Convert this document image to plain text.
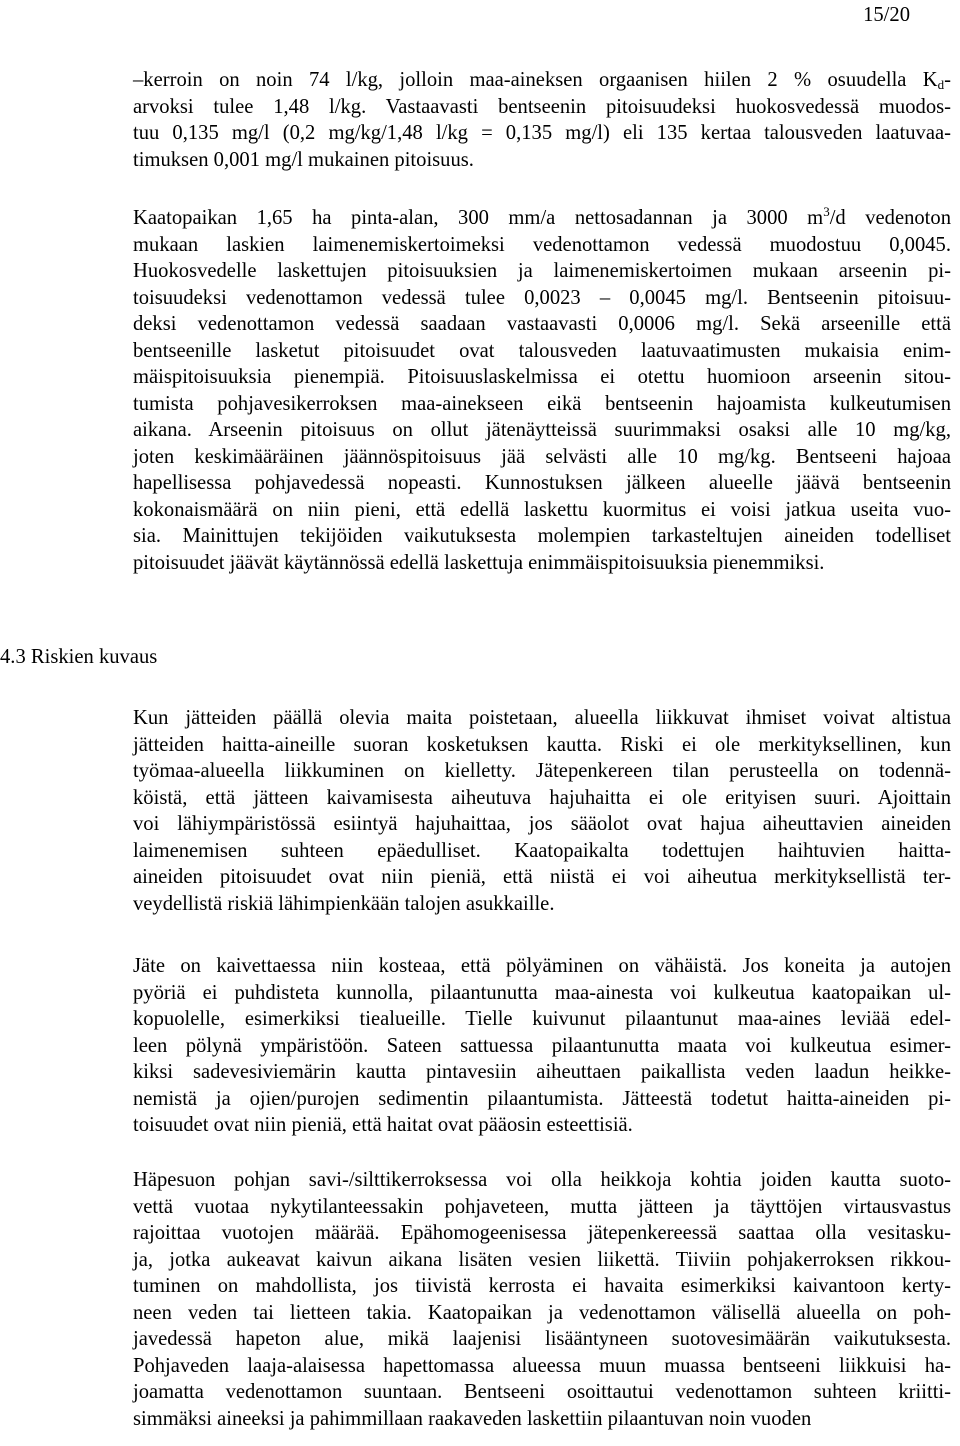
15/20
–kerroin on noin 74 l/kg, jolloin maa-aineksen orgaanisen hiilen 2 % osuudella $K_d-$
arvoksi tulee 1,48 l/kg. Vastaavasti bentseenin pitoisuudeksi huokosvedessä muodos-
tuu 0,135 mg/l (0,2 mg/kg/1,48 l/kg = 0,135 mg/l) eli 135 kertaa talousveden laatuvaa-
timuksen 0,001 mg/l mukainen pitoisuus.
Kaatopaikan 1,65 ha pinta-alan, 300 mm/a nettosadannan ja 3000 $m^3/d$ vedenoton
mukaan laskien laimenemiskertoimeksi vedenottamon vedessä muodostuu 0,0045.
Huokosvedelle laskettujen pitoisuuksien ja laimenemiskertoimen mukaan arseenin pi-
toisuudeksi vedenottamon vedessä tulee 0,0023 – 0,0045 mg/l. Bentseenin pitoisuu-
deksi vedenottamon vedessä saadaan vastaavasti 0,0006 mg/l. Sekä arseenille että
bentseenille lasketut pitoisuudet ovat talousveden laatuvaatimusten mukaisia enim-
mäispitoisuuksia pienempiä. Pitoisuuslaskelmissa ei otettu huomioon arseenin sitou-
tumista pohjavesikerroksen maa-ainekseen eikä bentseenin hajoamista kulkeutumisen
aikana. Arseenin pitoisuus on ollut jätenäytteissä suurimmaksi osaksi alle 10 mg/kg,
joten keskimääräinen jäännöspitoisuus jää selvästi alle 10 mg/kg. Bentseeni hajoaa
hapellisessa pohjavedessä nopeasti. Kunnostuksen jälkeen alueelle jäävä bentseenin
kokonaismäärä on niin pieni, että edellä laskettu kuormitus ei voisi jatkua useita vuo-
sia. Mainittujen tekijöiden vaikutuksesta molempien tarkasteltujen aineiden todelliset
pitoisuudet jäävät käytännössä edellä laskettuja enimmäispitoisuuksia pienemmiksi.
4.3 Riskien kuvaus
Kun jätteiden päällä olevia maita poistetaan, alueella liikkuvat ihmiset voivat altistua
jätteiden haitta-aineille suoran kosketuksen kautta. Riski ei ole merkityksellinen, kun
työmaa-alueella liikkuminen on kielletty. Jätepenkereen tilan perusteella on todennä-
köistä, että jätteen kaivamisesta aiheutuva hajuhaitta ei ole erityisen suuri. Ajoittain
voi lähiympäristössä esiintyä hajuhaittaa, jos sääolot ovat hajua aiheuttavien aineiden
laimenemisen suhteen epäedulliset. Kaatopaikalta todettujen haihtuvien haitta-
aineiden pitoisuudet ovat niin pieniä, että niistä ei voi aiheutua merkityksellistä ter-
veydellistä riskiä lähimpienkään talojen asukkaille.
Jäte on kaivettaessa niin kosteaa, että pölyäminen on vähäistä. Jos koneita ja autojen
pyöriä ei puhdisteta kunnolla, pilaantunutta maa-ainesta voi kulkeutua kaatopaikan ul-
kopuolelle, esimerkiksi tiealueille. Tielle kuivunut pilaantunut maa-aines leviää edel-
leen pölynä ympäristöön. Sateen sattuessa pilaantunutta maata voi kulkeutua esimer-
kiksi sadevesiviemärin kautta pintavesiin aiheuttaen paikallista veden laadun heikke-
nemistä ja ojien/purojen sedimentin pilaantumista. Jätteestä todetut haitta-aineiden pi-
toisuudet ovat niin pieniä, että haitat ovat pääosin esteettisiä.
Häpesuon pohjan savi-/silttikerroksessa voi olla heikkoja kohtia joiden kautta suoto-
vettä vuotaa nykytilanteessakin pohjaveteen, mutta jätteen ja täyttöjen virtausvastus
rajoittaa vuotojen määrää. Epähomogeenisessa jätepenkereessä saattaa olla vesitasku-
ja, jotka aukeavat kaivun aikana lisäten vesien liikettä. Tiiviin pohjakerroksen rikkou-
tuminen on mahdollista, jos tiivistä kerrosta ei havaita esimerkiksi kaivantoon kerty-
neen veden tai lietteen takia. Kaatopaikan ja vedenottamon välisellä alueella on poh-
javedessä hapeton alue, mikä laajenisi lisääntyneen suotovesimäärän vaikutuksesta.
Pohjaveden laaja-alaisessa hapettomassa alueessa muun muassa bentseeni liikkuisi ha-
joamatta vedenottamon suuntaan. Bentseeni osoittautui vedenottamon suhteen kriitti-
simmäksi aineeksi ja pahimmillaan raakaveden laskettiin pilaantuvan noin vuoden
